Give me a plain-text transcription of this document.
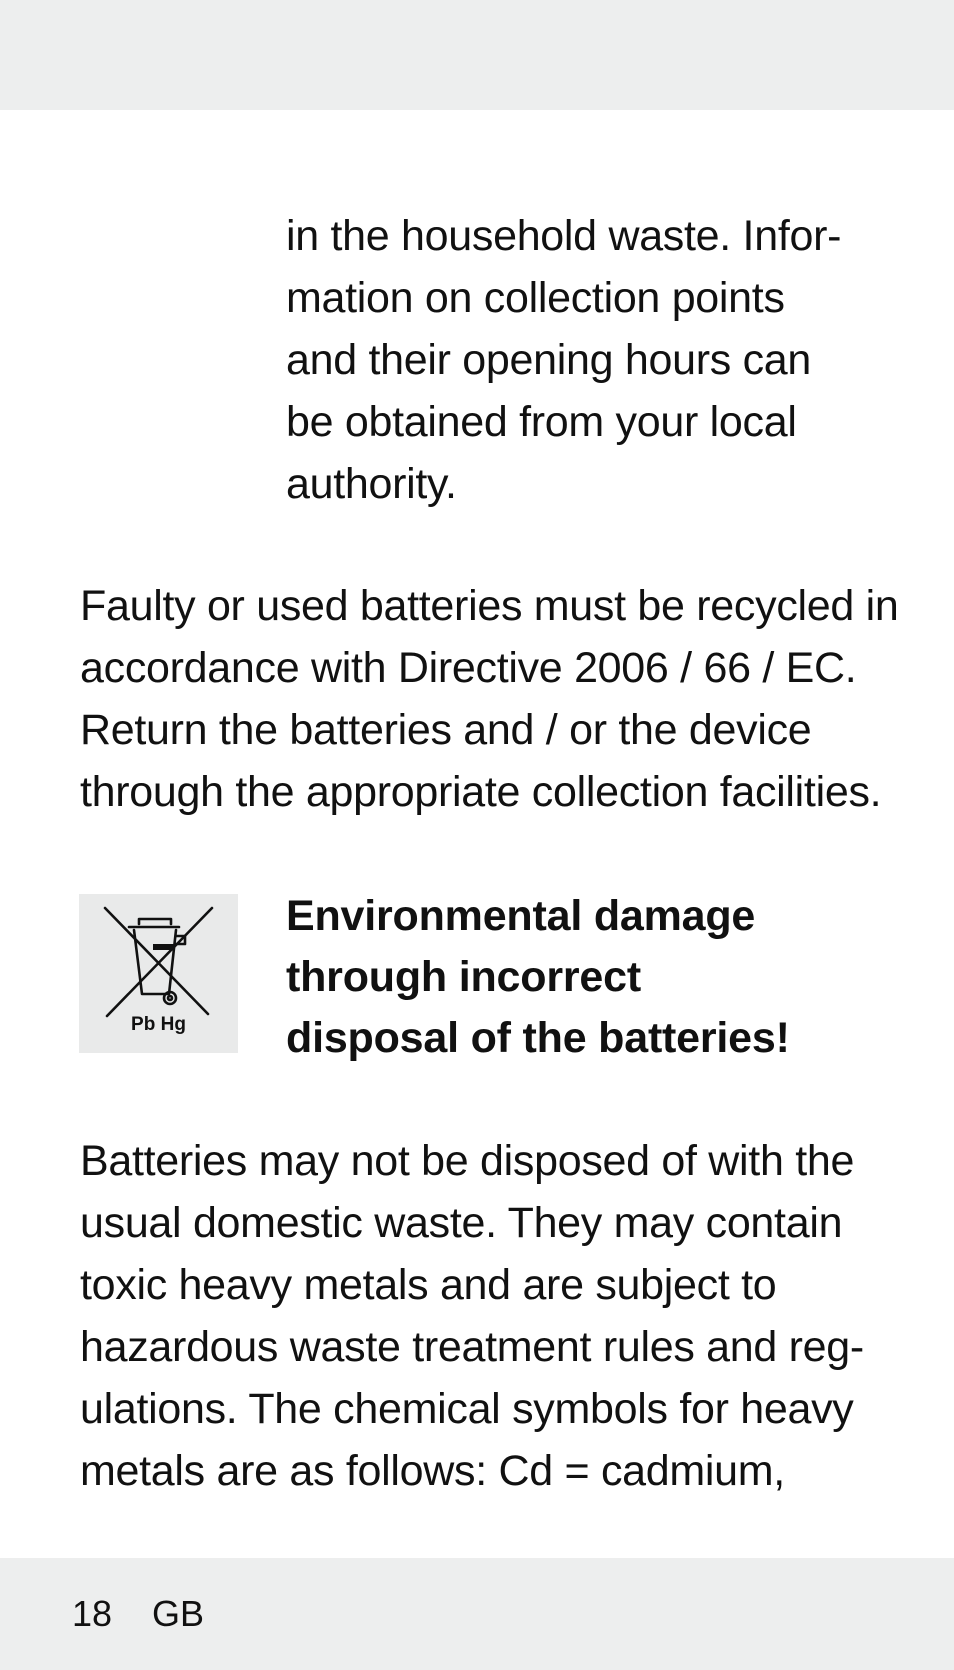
in the household waste. Infor-
mation on collection points
and their opening hours can
be obtained from your local
authority.

Faulty or used batteries must be recycled in
accordance with Directive 2006 / 66 / EC.
Return the batteries and / or the device
through the appropriate collection facilities.

Pb Hg
Environmental damage
through incorrect
disposal of the batteries!

Batteries may not be disposed of with the
usual domestic waste. They may contain
toxic heavy metals and are subject to
hazardous waste treatment rules and reg-
ulations. The chemical symbols for heavy
metals are as follows: Cd = cadmium,

18 GB
